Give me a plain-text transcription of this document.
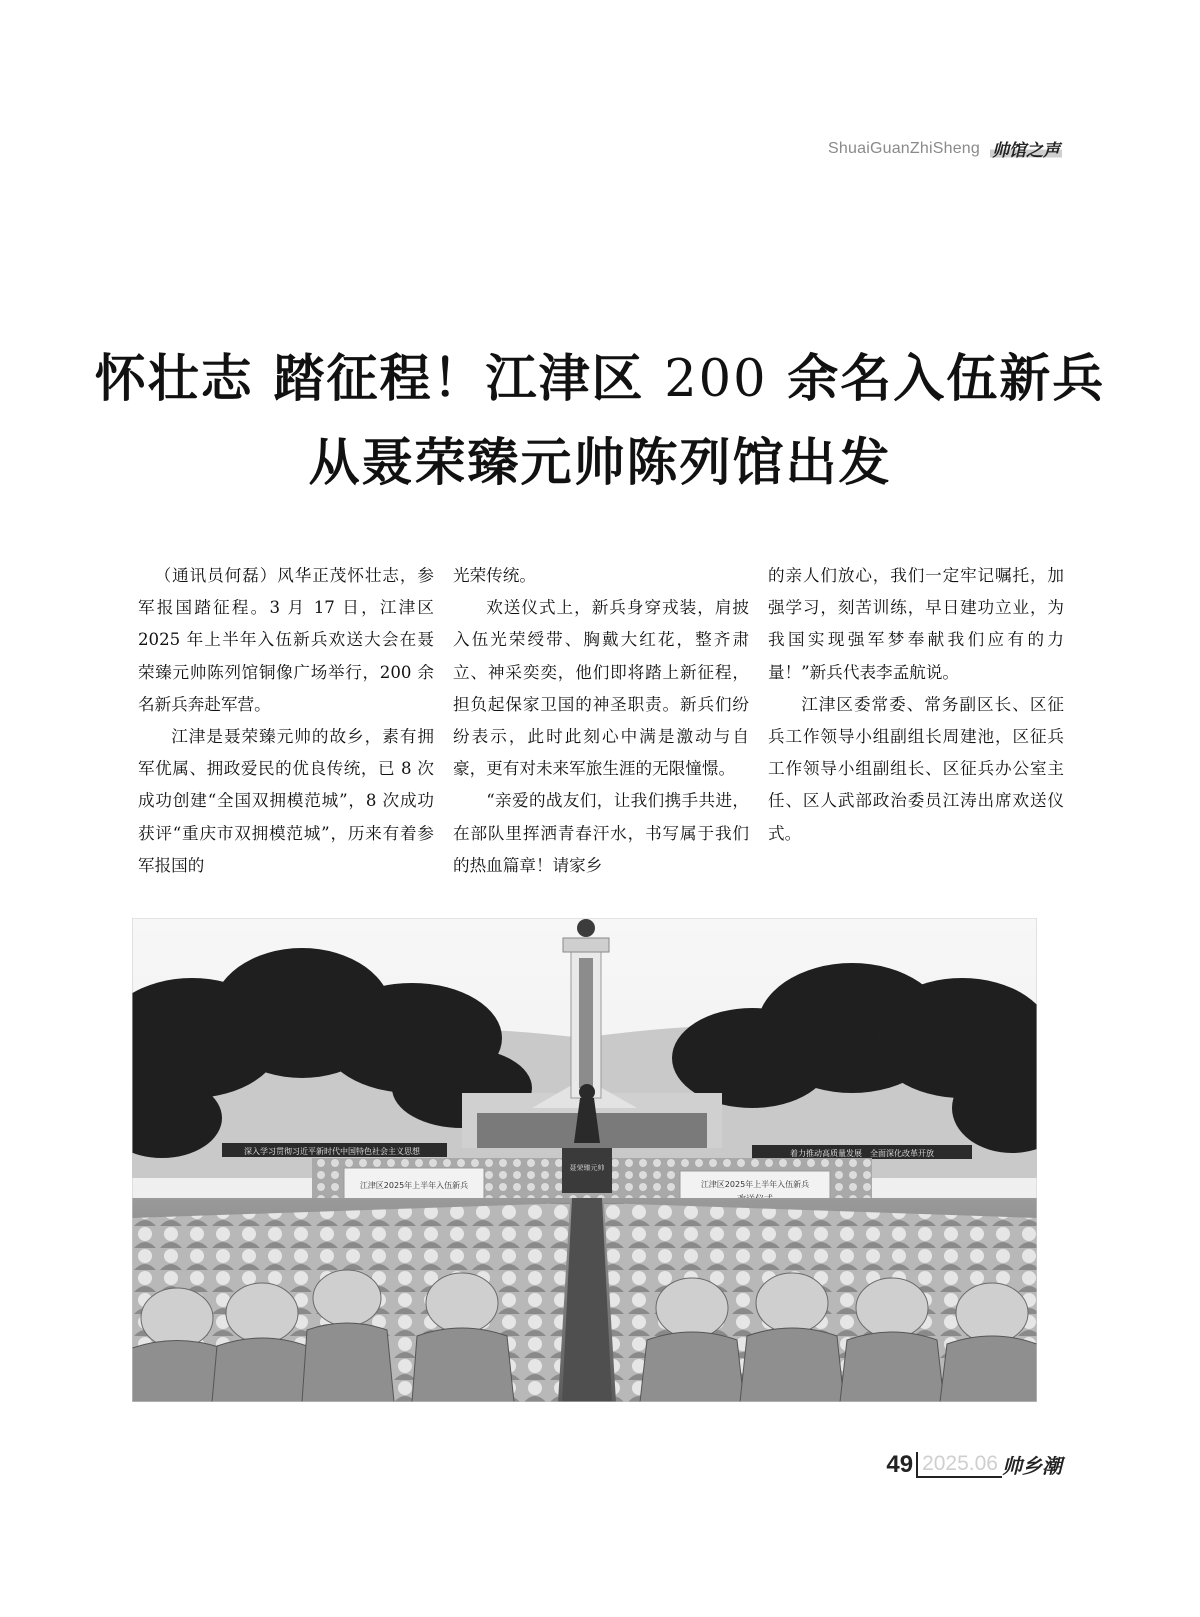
ShuaiGuanZhiSheng 帅馆之声
怀壮志 踏征程！江津区 200 余名入伍新兵
从聂荣臻元帅陈列馆出发

（通讯员何磊）风华正茂怀壮志，参军报国踏征程。3 月 17 日，江津区 2025 年上半年入伍新兵欢送大会在聂荣臻元帅陈列馆铜像广场举行，200 余名新兵奔赴军营。

江津是聂荣臻元帅的故乡，素有拥军优属、拥政爱民的优良传统，已 8 次成功创建“全国双拥模范城”，8 次成功获评“重庆市双拥模范城”，历来有着参军报国的

光荣传统。

欢送仪式上，新兵身穿戎装，肩披入伍光荣绶带、胸戴大红花，整齐肃立、神采奕奕，他们即将踏上新征程，担负起保家卫国的神圣职责。新兵们纷纷表示，此时此刻心中满是激动与自豪，更有对未来军旅生涯的无限憧憬。

“亲爱的战友们，让我们携手共进，在部队里挥洒青春汗水，书写属于我们的热血篇章！请家乡

的亲人们放心，我们一定牢记嘱托，加强学习，刻苦训练，早日建功立业，为我国实现强军梦奉献我们应有的力量！”新兵代表李孟航说。

江津区委常委、常务副区长、区征兵工作领导小组副组长周建池，区征兵工作领导小组副组长、区征兵办公室主任、区人武部政治委员江涛出席欢送仪式。

深入学习贯彻习近平新时代中国特色社会主义思想	着力推动高质量发展　全面深化改革开放
江津区2025年上半年入伍新兵	江津区2025年上半年入伍新兵
聂荣臻元帅
49 2025.06 帅乡潮
